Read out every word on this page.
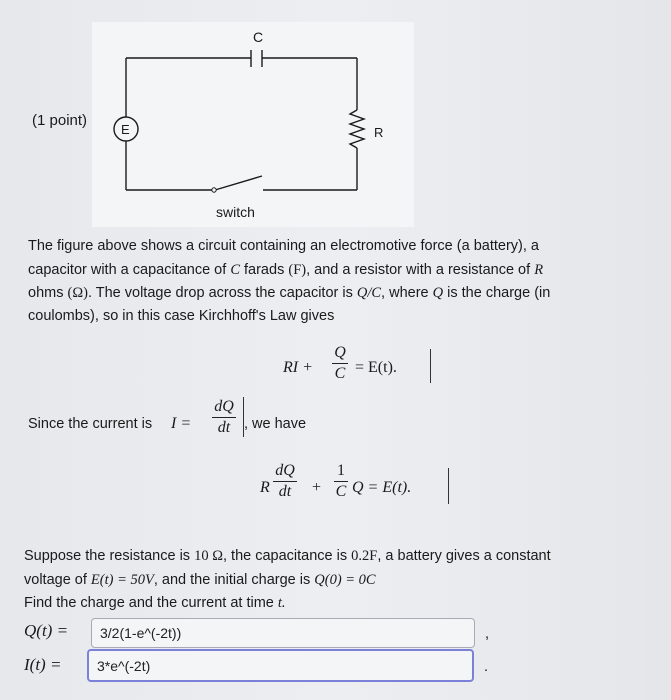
C
E	R
switch
(1 point)
The figure above shows a circuit containing an electromotive force (a battery), a
capacitor with a capacitance of C farads (F), and a resistor with a resistance of R
ohms (Ω). The voltage drop across the capacitor is Q/C, where Q is the charge (in
coulombs), so in this case Kirchhoff's Law gives
RI +
Q
C = E(t).
Since the current is I =
dQ
dt , we have
R
dQ
dt	+
1
C Q = E(t).
Suppose the resistance is 10 Ω, the capacitance is 0.2F, a battery gives a constant
voltage of E(t) = 50V, and the initial charge is Q(0) = 0C
Find the charge and the current at time t.
Q(t) =
3/2(1-e^(-2t))	,
I(t) =
3*e^(-2t)	.
